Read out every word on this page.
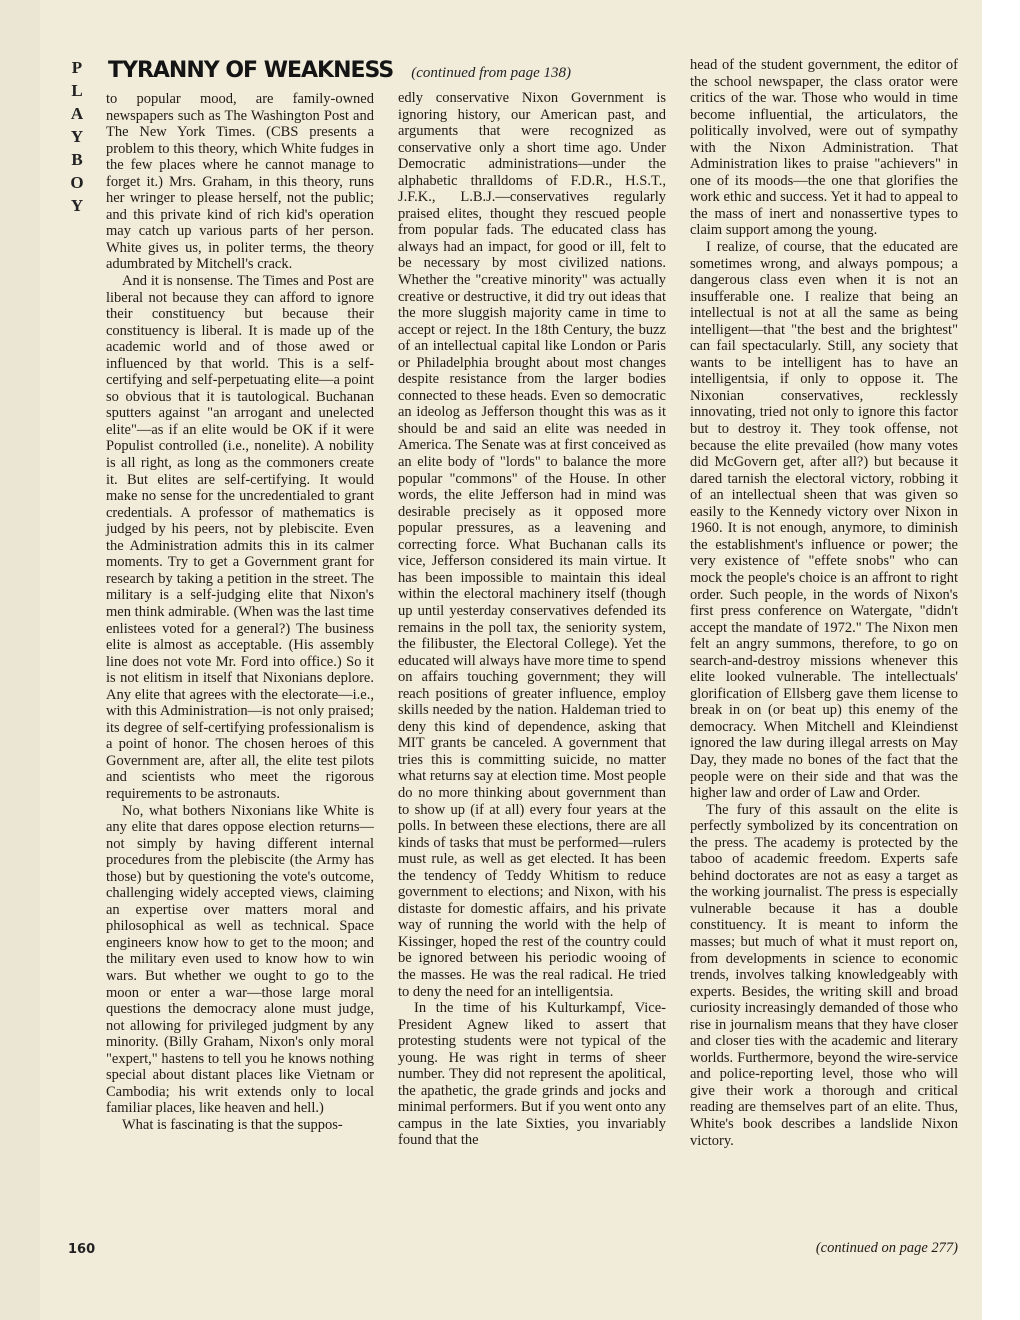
P
L
A
Y
B
O
Y
TYRANNY OF WEAKNESS (continued from page 138)

to popular mood, are family-owned newspapers such as The Washington Post and The New York Times. (CBS presents a problem to this theory, which White fudges in the few places where he cannot manage to forget it.) Mrs. Graham, in this theory, runs her wringer to please herself, not the public; and this private kind of rich kid's operation may catch up various parts of her person. White gives us, in politer terms, the theory adumbrated by Mitchell's crack.

And it is nonsense. The Times and Post are liberal not because they can afford to ignore their constituency but because their constituency is liberal. It is made up of the academic world and of those awed or influenced by that world. This is a self-certifying and self-perpetuating elite—a point so obvious that it is tautological. Buchanan sputters against "an arrogant and unelected elite"—as if an elite would be OK if it were Populist controlled (i.e., nonelite). A nobility is all right, as long as the commoners create it. But elites are self-certifying. It would make no sense for the uncredentialed to grant credentials. A professor of mathematics is judged by his peers, not by plebiscite. Even the Administration admits this in its calmer moments. Try to get a Government grant for research by taking a petition in the street. The military is a self-judging elite that Nixon's men think admirable. (When was the last time enlistees voted for a general?) The business elite is almost as acceptable. (His assembly line does not vote Mr. Ford into office.) So it is not elitism in itself that Nixonians deplore. Any elite that agrees with the electorate—i.e., with this Administration—is not only praised; its degree of self-certifying professionalism is a point of honor. The chosen heroes of this Government are, after all, the elite test pilots and scientists who meet the rigorous requirements to be astronauts.

No, what bothers Nixonians like White is any elite that dares oppose election returns—not simply by having different internal procedures from the plebiscite (the Army has those) but by questioning the vote's outcome, challenging widely accepted views, claiming an expertise over matters moral and philosophical as well as technical. Space engineers know how to get to the moon; and the military even used to know how to win wars. But whether we ought to go to the moon or enter a war—those large moral questions the democracy alone must judge, not allowing for privileged judgment by any minority. (Billy Graham, Nixon's only moral "expert," hastens to tell you he knows nothing special about distant places like Vietnam or Cambodia; his writ extends only to local familiar places, like heaven and hell.)

What is fascinating is that the suppos-

edly conservative Nixon Government is ignoring history, our American past, and arguments that were recognized as conservative only a short time ago. Under Democratic administrations—under the alphabetic thralldoms of F.D.R., H.S.T., J.F.K., L.B.J.—conservatives regularly praised elites, thought they rescued people from popular fads. The educated class has always had an impact, for good or ill, felt to be necessary by most civilized nations. Whether the "creative minority" was actually creative or destructive, it did try out ideas that the more sluggish majority came in time to accept or reject. In the 18th Century, the buzz of an intellectual capital like London or Paris or Philadelphia brought about most changes despite resistance from the larger bodies connected to these heads. Even so democratic an ideolog as Jefferson thought this was as it should be and said an elite was needed in America. The Senate was at first conceived as an elite body of "lords" to balance the more popular "commons" of the House. In other words, the elite Jefferson had in mind was desirable precisely as it opposed more popular pressures, as a leavening and correcting force. What Buchanan calls its vice, Jefferson considered its main virtue. It has been impossible to maintain this ideal within the electoral machinery itself (though up until yesterday conservatives defended its remains in the poll tax, the seniority system, the filibuster, the Electoral College). Yet the educated will always have more time to spend on affairs touching government; they will reach positions of greater influence, employ skills needed by the nation. Haldeman tried to deny this kind of dependence, asking that MIT grants be canceled. A government that tries this is committing suicide, no matter what returns say at election time. Most people do no more thinking about government than to show up (if at all) every four years at the polls. In between these elections, there are all kinds of tasks that must be performed—rulers must rule, as well as get elected. It has been the tendency of Teddy Whitism to reduce government to elections; and Nixon, with his distaste for domestic affairs, and his private way of running the world with the help of Kissinger, hoped the rest of the country could be ignored between his periodic wooing of the masses. He was the real radical. He tried to deny the need for an intelligentsia.

In the time of his Kulturkampf, Vice-President Agnew liked to assert that protesting students were not typical of the young. He was right in terms of sheer number. They did not represent the apolitical, the apathetic, the grade grinds and jocks and minimal performers. But if you went onto any campus in the late Sixties, you invariably found that the

head of the student government, the editor of the school newspaper, the class orator were critics of the war. Those who would in time become influential, the articulators, the politically involved, were out of sympathy with the Nixon Administration. That Administration likes to praise "achievers" in one of its moods—the one that glorifies the work ethic and success. Yet it had to appeal to the mass of inert and nonassertive types to claim support among the young.

I realize, of course, that the educated are sometimes wrong, and always pompous; a dangerous class even when it is not an insufferable one. I realize that being an intellectual is not at all the same as being intelligent—that "the best and the brightest" can fail spectacularly. Still, any society that wants to be intelligent has to have an intelligentsia, if only to oppose it. The Nixonian conservatives, recklessly innovating, tried not only to ignore this factor but to destroy it. They took offense, not because the elite prevailed (how many votes did McGovern get, after all?) but because it dared tarnish the electoral victory, robbing it of an intellectual sheen that was given so easily to the Kennedy victory over Nixon in 1960. It is not enough, anymore, to diminish the establishment's influence or power; the very existence of "effete snobs" who can mock the people's choice is an affront to right order. Such people, in the words of Nixon's first press conference on Watergate, "didn't accept the mandate of 1972." The Nixon men felt an angry summons, therefore, to go on search-and-destroy missions whenever this elite looked vulnerable. The intellectuals' glorification of Ellsberg gave them license to break in on (or beat up) this enemy of the democracy. When Mitchell and Kleindienst ignored the law during illegal arrests on May Day, they made no bones of the fact that the people were on their side and that was the higher law and order of Law and Order.

The fury of this assault on the elite is perfectly symbolized by its concentration on the press. The academy is protected by the taboo of academic freedom. Experts safe behind doctorates are not as easy a target as the working journalist. The press is especially vulnerable because it has a double constituency. It is meant to inform the masses; but much of what it must report on, from developments in science to economic trends, involves talking knowledgeably with experts. Besides, the writing skill and broad curiosity increasingly demanded of those who rise in journalism means that they have closer and closer ties with the academic and literary worlds. Furthermore, beyond the wire-service and police-reporting level, those who will give their work a thorough and critical reading are themselves part of an elite. Thus, White's book describes a landslide Nixon victory.

(continued on page 277)
160
